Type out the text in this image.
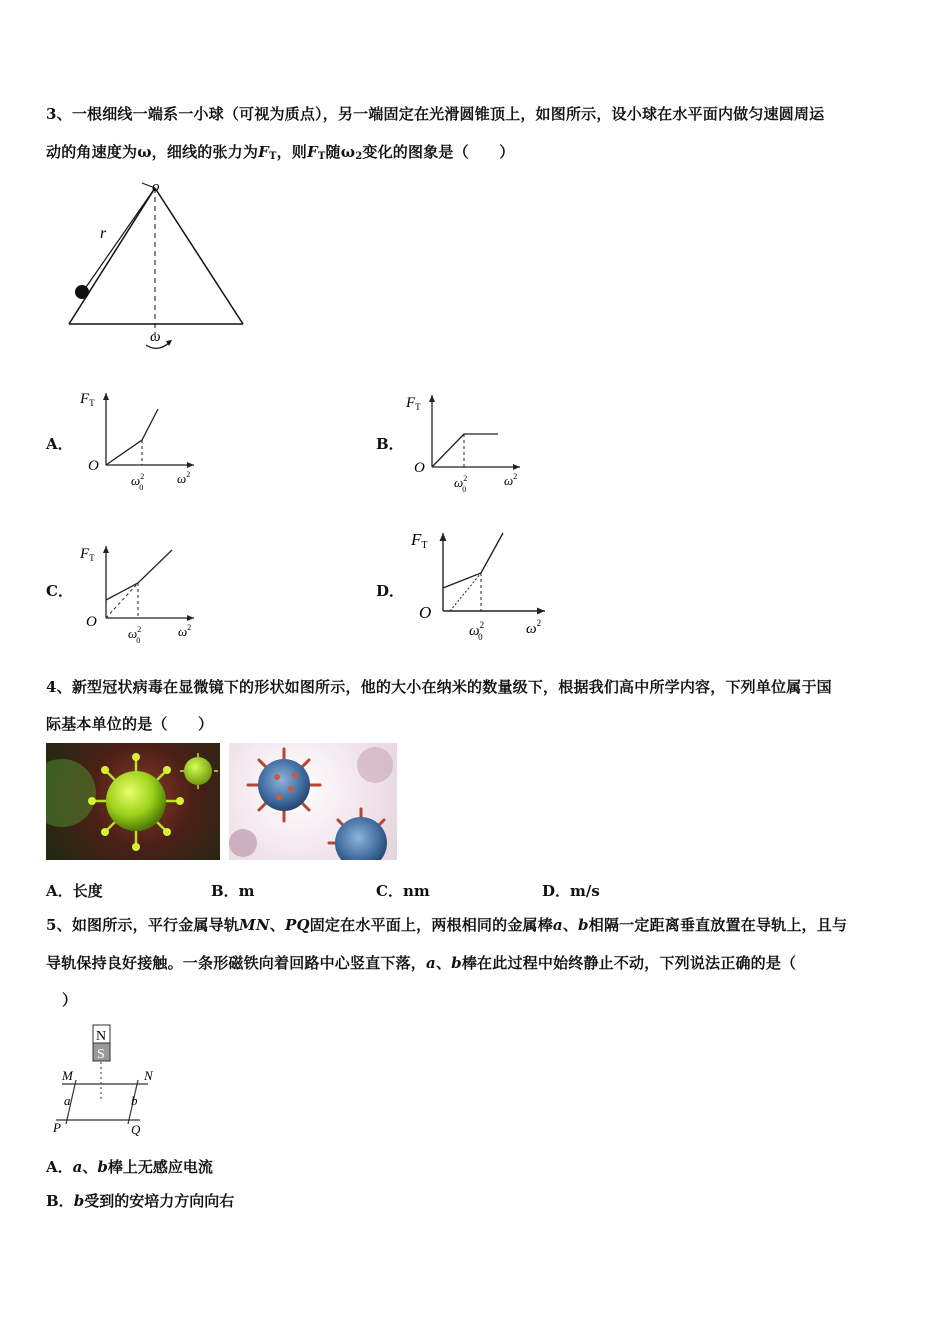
3、一根细线一端系一小球（可视为质点），另一端固定在光滑圆锥顶上，如图所示，设小球在水平面内做匀速圆周运
动的角速度为ω，细线的张力为$F_T$，则$F_T$随$\omega_2$变化的图象是（　　）
o
r
ω
A．	B．
C．	D．
$F_T$
O
$\omega^2$ 0
$\omega^2$
$F_T$
O
$\omega^2$ 0
$\omega^2$
$F_T$
O
$\omega^2$ 0
$\omega^2$
FT
O
$\omega^2$ 0	$\omega^2$
4、新型冠状病毒在显微镜下的形状如图所示，他的大小在纳米的数量级下，根据我们高中所学内容，下列单位属于国
际基本单位的是（　　）
A．长度	B．m	C．nm	D．m/s
5、如图所示，平行金属导轨MN、PQ固定在水平面上，两根相同的金属棒a、b相隔一定距离垂直放置在导轨上，且与
导轨保持良好接触。一条形磁铁向着回路中心竖直下落，a、b棒在此过程中始终静止不动，下列说法正确的是（
）
N
S
M	N
P	Q
a	b
A．a、b棒上无感应电流
B．b受到的安培力方向向右
